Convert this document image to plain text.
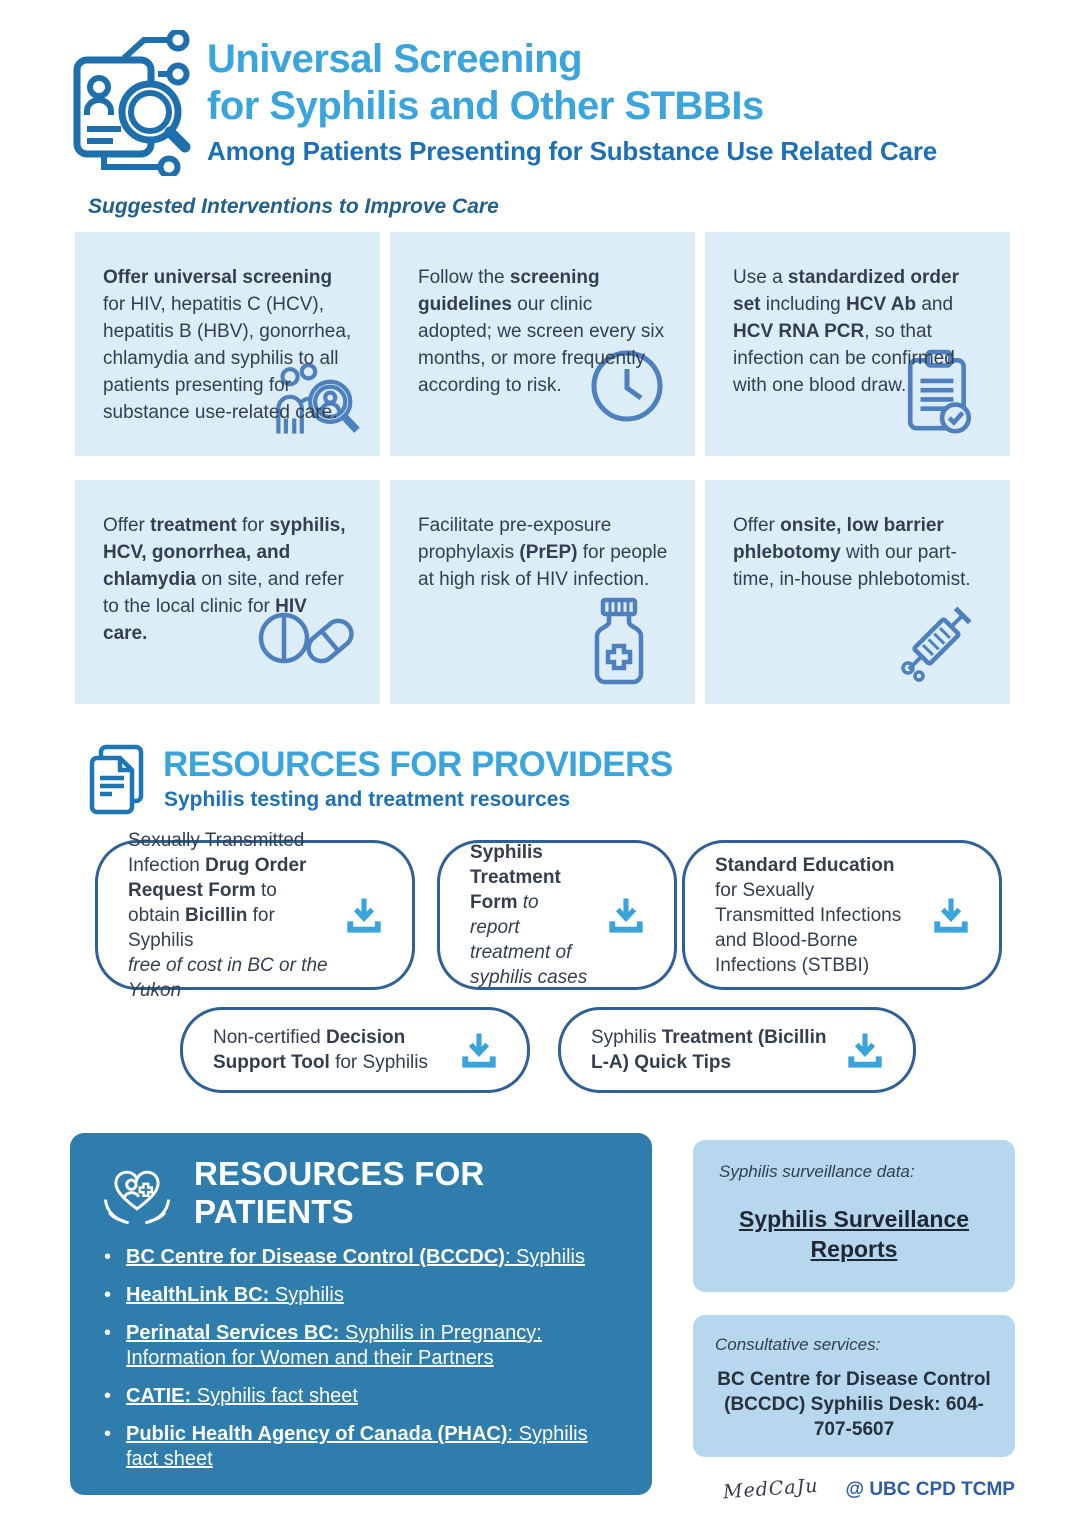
Universal Screening
for Syphilis and Other STBBIs
Among Patients Presenting for Substance Use Related Care
Suggested Interventions to Improve Care
Offer universal screening for HIV, hepatitis C (HCV), hepatitis B (HBV), gonorrhea, chlamydia and syphilis to all patients presenting for substance use-related care.
Follow the screening guidelines our clinic adopted; we screen every six months, or more frequently according to risk.
Use a standardized order set including HCV Ab and HCV RNA PCR, so that infection can be confirmed with one blood draw.
Offer treatment for syphilis, HCV, gonorrhea, and chlamydia on site, and refer to the local clinic for HIV care.
Facilitate pre-exposure prophylaxis (PrEP) for people at high risk of HIV infection.
Offer onsite, low barrier phlebotomy with our part-time, in-house phlebotomist.
RESOURCES FOR PROVIDERS
Syphilis testing and treatment resources
Sexually Transmitted Infection Drug Order Request Form to obtain Bicillin for Syphilis
free of cost in BC or the Yukon
Syphilis Treatment Form to report treatment of syphilis cases
Standard Education for Sexually Transmitted Infections and Blood-Borne Infections (STBBI)
Non-certified Decision Support Tool for Syphilis
Syphilis Treatment (Bicillin L-A) Quick Tips
RESOURCES FOR PATIENTS
• BC Centre for Disease Control (BCCDC): Syphilis
• HealthLink BC: Syphilis
• Perinatal Services BC: Syphilis in Pregnancy: Information for Women and their Partners
• CATIE: Syphilis fact sheet
• Public Health Agency of Canada (PHAC): Syphilis fact sheet
Syphilis surveillance data:
Syphilis Surveillance Reports
Consultative services:
BC Centre for Disease Control (BCCDC) Syphilis Desk: 604-707-5607
MedCaJu @ UBC CPD TCMP
